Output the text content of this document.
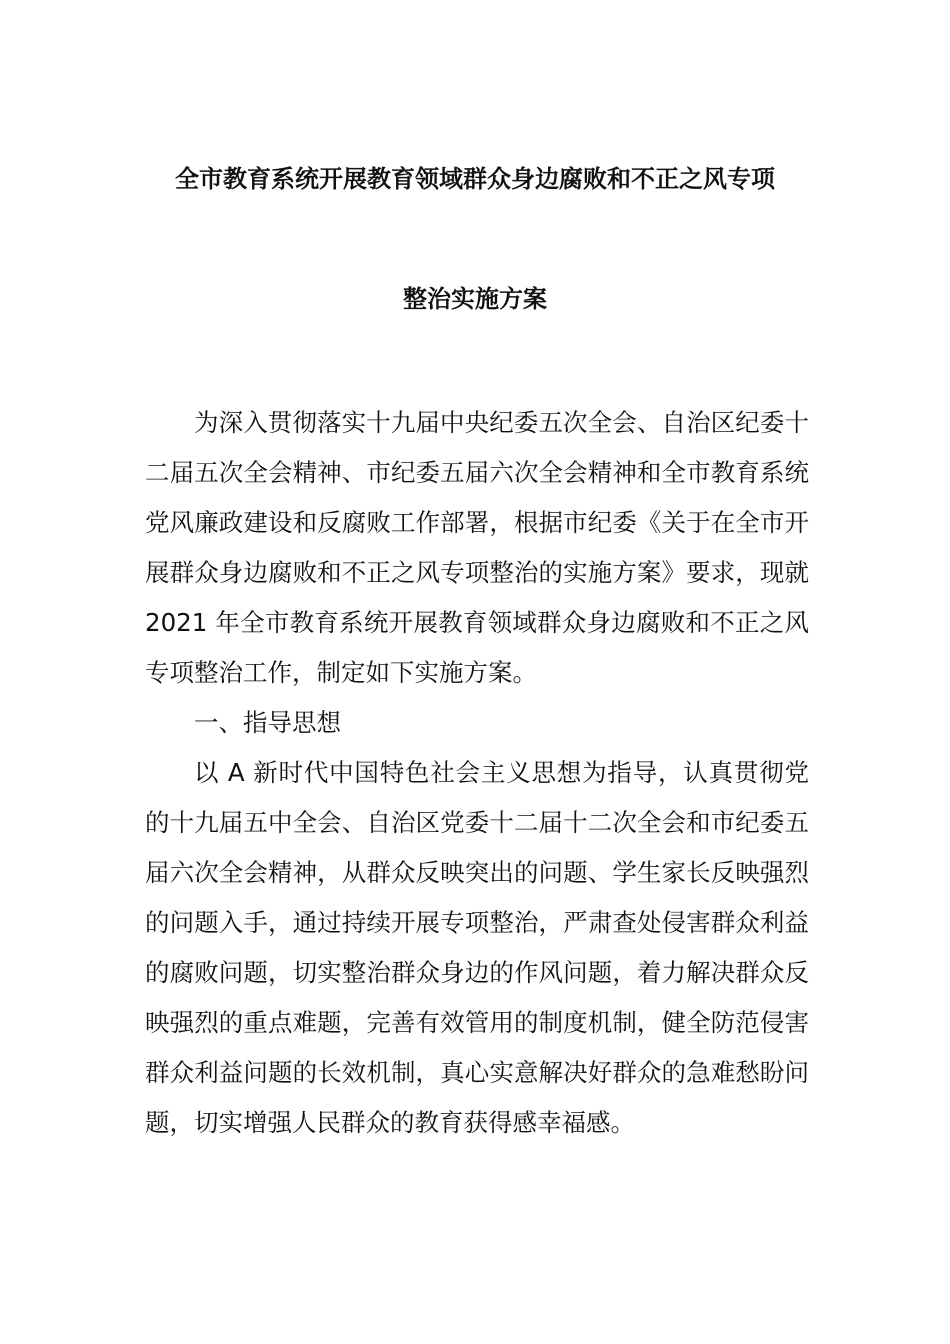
全市教育系统开展教育领域群众身边腐败和不正之风专项
整治实施方案

为深入贯彻落实十九届中央纪委五次全会、自治区纪委十二届五次全会精神、市纪委五届六次全会精神和全市教育系统党风廉政建设和反腐败工作部署，根据市纪委《关于在全市开展群众身边腐败和不正之风专项整治的实施方案》要求，现就 2021 年全市教育系统开展教育领域群众身边腐败和不正之风专项整治工作，制定如下实施方案。

一、指导思想

以 A 新时代中国特色社会主义思想为指导，认真贯彻党的十九届五中全会、自治区党委十二届十二次全会和市纪委五届六次全会精神，从群众反映突出的问题、学生家长反映强烈的问题入手，通过持续开展专项整治，严肃查处侵害群众利益的腐败问题，切实整治群众身边的作风问题，着力解决群众反映强烈的重点难题，完善有效管用的制度机制，健全防范侵害群众利益问题的长效机制，真心实意解决好群众的急难愁盼问题，切实增强人民群众的教育获得感幸福感。
